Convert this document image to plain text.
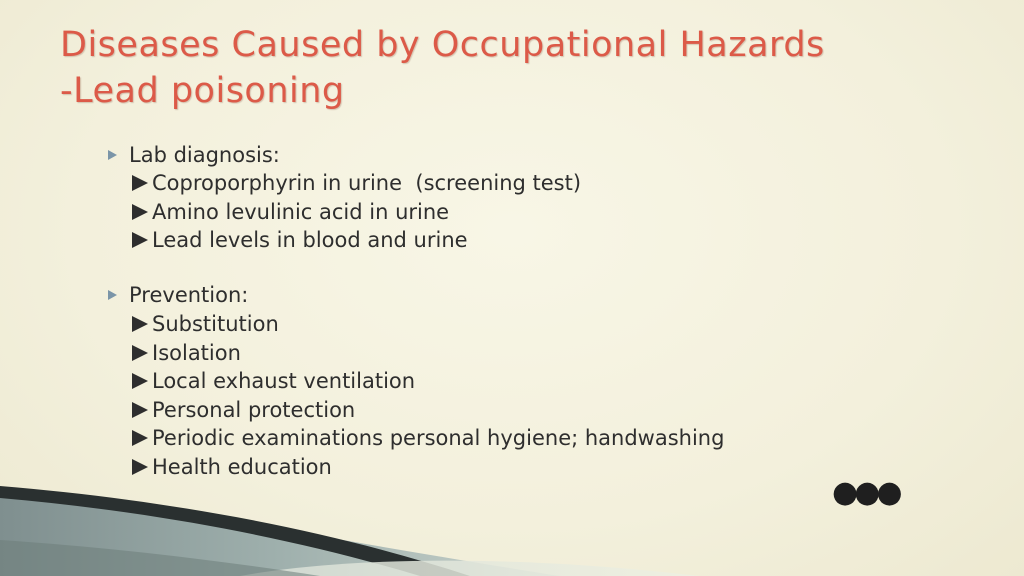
Diseases Caused by Occupational Hazards
-Lead poisoning
Lab diagnosis:
Coproporphyrin in urine  (screening test)
Amino levulinic acid in urine
Lead levels in blood and urine
Prevention:
Substitution
Isolation
Local exhaust ventilation
Personal protection
Periodic examinations personal hygiene; handwashing
Health education
●●●
